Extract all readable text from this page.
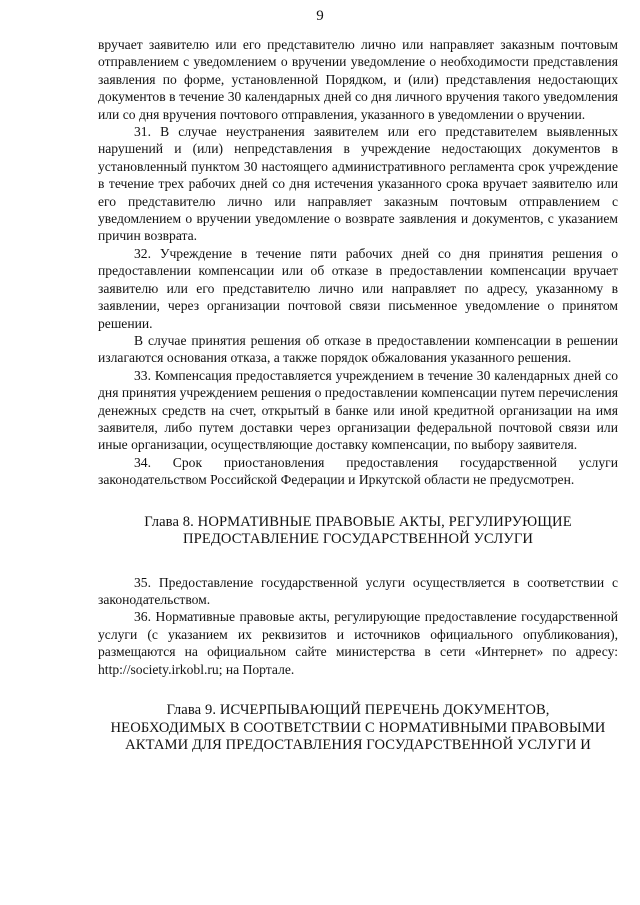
9

вручает заявителю или его представителю лично или направляет заказным почтовым отправлением с уведомлением о вручении уведомление о необходимости представления заявления по форме, установленной Порядком, и (или) представления недостающих документов в течение 30 календарных дней со дня личного вручения такого уведомления или со дня вручения почтового отправления, указанного в уведомлении о вручении.

31. В случае неустранения заявителем или его представителем выявленных нарушений и (или) непредставления в учреждение недостающих документов в установленный пунктом 30 настоящего административного регламента срок учреждение в течение трех рабочих дней со дня истечения указанного срока вручает заявителю или его представителю лично или направляет заказным почтовым отправлением с уведомлением о вручении уведомление о возврате заявления и документов, с указанием причин возврата.

32. Учреждение в течение пяти рабочих дней со дня принятия решения о предоставлении компенсации или об отказе в предоставлении компенсации вручает заявителю или его представителю лично или направляет по адресу, указанному в заявлении, через организации почтовой связи письменное уведомление о принятом решении.

В случае принятия решения об отказе в предоставлении компенсации в решении излагаются основания отказа, а также порядок обжалования указанного решения.

33. Компенсация предоставляется учреждением в течение 30 календарных дней со дня принятия учреждением решения о предоставлении компенсации путем перечисления денежных средств на счет, открытый в банке или иной кредитной организации на имя заявителя, либо путем доставки через организации федеральной почтовой связи или иные организации, осуществляющие доставку компенсации, по выбору заявителя.

34. Срок приостановления предоставления государственной услуги законодательством Российской Федерации и Иркутской области не предусмотрен.

Глава 8. НОРМАТИВНЫЕ ПРАВОВЫЕ АКТЫ, РЕГУЛИРУЮЩИЕ
ПРЕДОСТАВЛЕНИЕ ГОСУДАРСТВЕННОЙ УСЛУГИ

35. Предоставление государственной услуги осуществляется в соответствии с законодательством.

36. Нормативные правовые акты, регулирующие предоставление государственной услуги (с указанием их реквизитов и источников официального опубликования), размещаются на официальном сайте министерства в сети «Интернет» по адресу: http://society.irkobl.ru; на Портале.

Глава 9. ИСЧЕРПЫВАЮЩИЙ ПЕРЕЧЕНЬ ДОКУМЕНТОВ,
НЕОБХОДИМЫХ В СООТВЕТСТВИИ С НОРМАТИВНЫМИ ПРАВОВЫМИ
АКТАМИ ДЛЯ ПРЕДОСТАВЛЕНИЯ ГОСУДАРСТВЕННОЙ УСЛУГИ И
